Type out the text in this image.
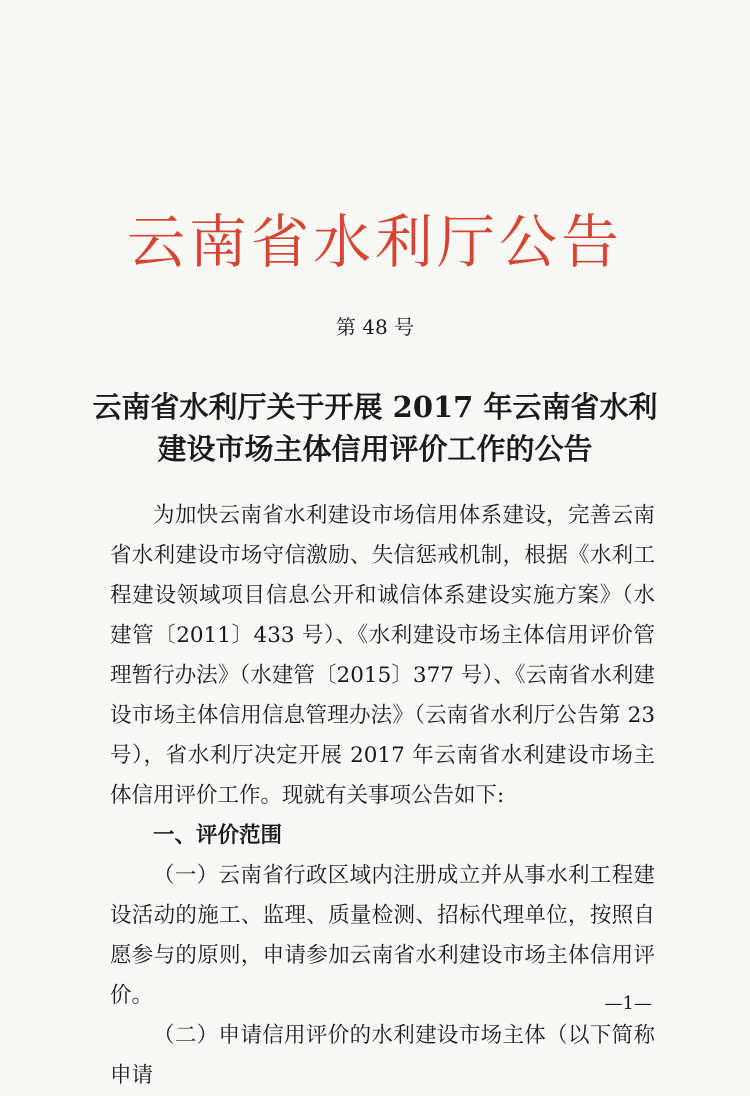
云南省水利厅公告
第 48 号
云南省水利厅关于开展 2017 年云南省水利
建设市场主体信用评价工作的公告

为加快云南省水利建设市场信用体系建设，完善云南省水利建设市场守信激励、失信惩戒机制，根据《水利工程建设领域项目信息公开和诚信体系建设实施方案》（水建管〔2011〕433 号）、《水利建设市场主体信用评价管理暂行办法》（水建管〔2015〕377 号）、《云南省水利建设市场主体信用信息管理办法》（云南省水利厅公告第 23 号），省水利厅决定开展 2017 年云南省水利建设市场主体信用评价工作。现就有关事项公告如下:

一、评价范围

（一）云南省行政区域内注册成立并从事水利工程建设活动的施工、监理、质量检测、招标代理单位，按照自愿参与的原则，申请参加云南省水利建设市场主体信用评价。

（二）申请信用评价的水利建设市场主体（以下简称申请

—1—
